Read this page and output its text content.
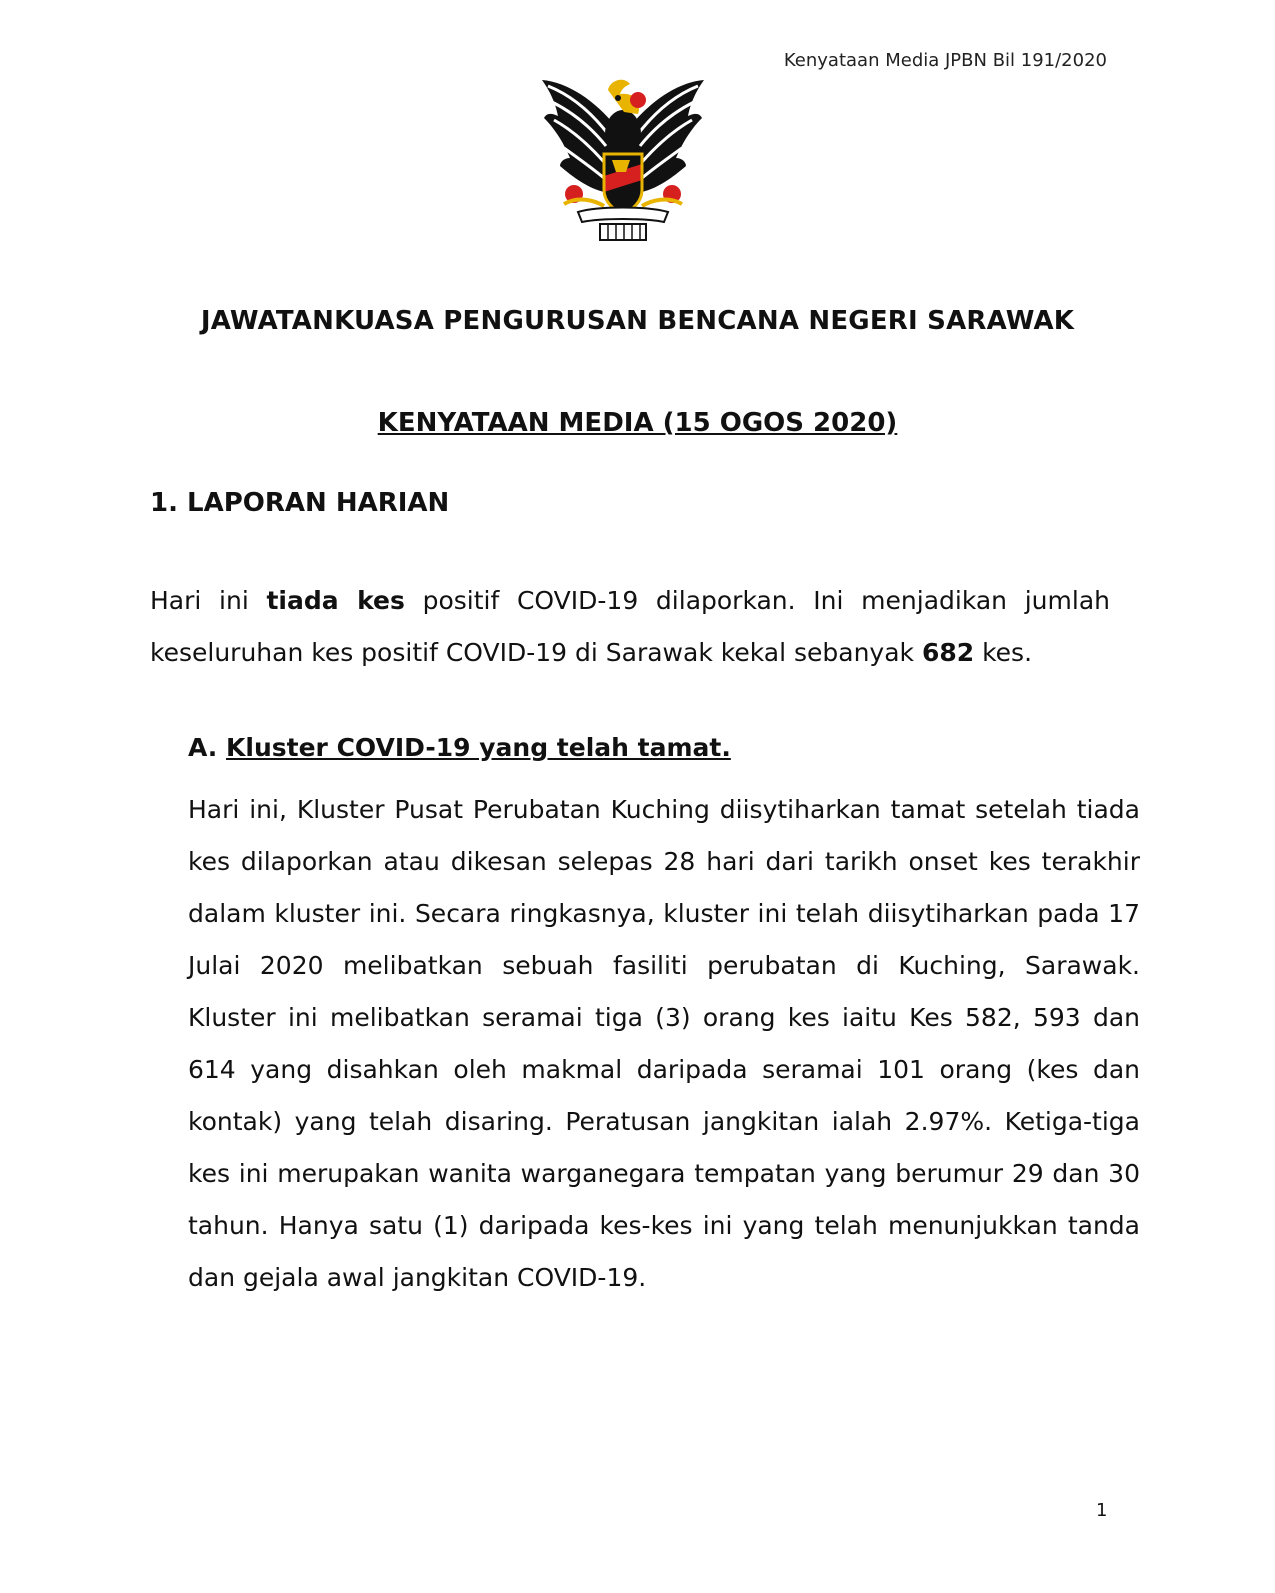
Kenyataan Media JPBN Bil 191/2020
JAWATANKUASA PENGURUSAN BENCANA NEGERI SARAWAK
KENYATAAN MEDIA (15 OGOS 2020)
1. LAPORAN HARIAN

Hari ini tiada kes positif COVID-19 dilaporkan. Ini menjadikan jumlah keseluruhan kes positif COVID-19 di Sarawak kekal sebanyak 682 kes.

A. Kluster COVID-19 yang telah tamat.

Hari ini, Kluster Pusat Perubatan Kuching diisytiharkan tamat setelah tiada kes dilaporkan atau dikesan selepas 28 hari dari tarikh onset kes terakhir dalam kluster ini. Secara ringkasnya, kluster ini telah diisytiharkan pada 17 Julai 2020 melibatkan sebuah fasiliti perubatan di Kuching, Sarawak. Kluster ini melibatkan seramai tiga (3) orang kes iaitu Kes 582, 593 dan 614 yang disahkan oleh makmal daripada seramai 101 orang (kes dan kontak) yang telah disaring. Peratusan jangkitan ialah 2.97%. Ketiga-tiga kes ini merupakan wanita warganegara tempatan yang berumur 29 dan 30 tahun. Hanya satu (1) daripada kes-kes ini yang telah menunjukkan tanda dan gejala awal jangkitan COVID-19.

1
